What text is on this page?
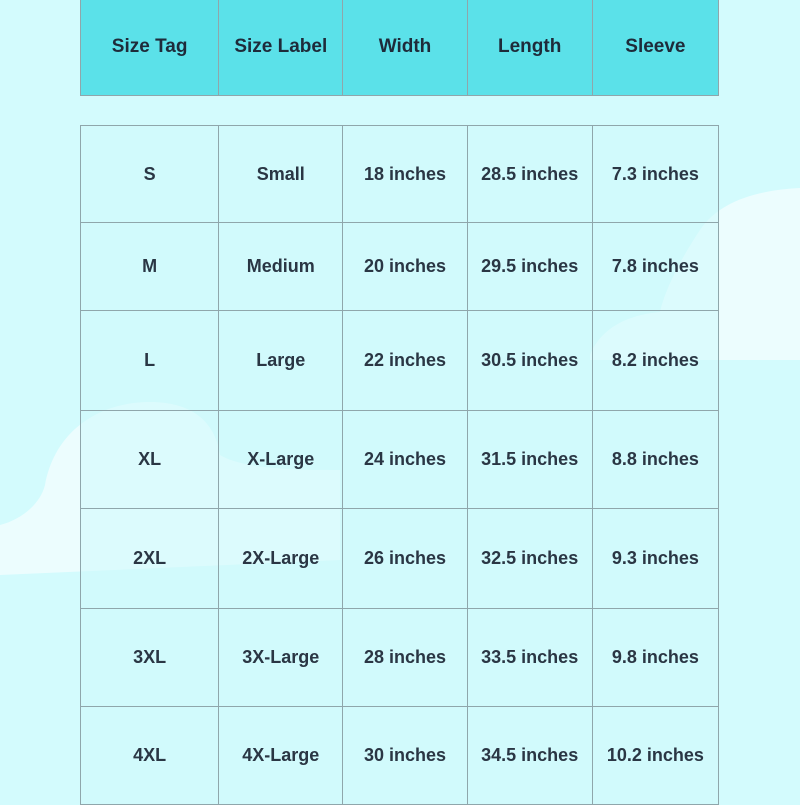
Size Tag	Size Label	Width	Length	Sleeve
S	Small	18 inches	28.5 inches	7.3 inches
M	Medium	20 inches	29.5 inches	7.8 inches
L	Large	22 inches	30.5 inches	8.2 inches
XL	X-Large	24 inches	31.5 inches	8.8 inches
2XL	2X-Large	26 inches	32.5 inches	9.3 inches
3XL	3X-Large	28 inches	33.5 inches	9.8 inches
4XL	4X-Large	30 inches	34.5 inches	10.2 inches
